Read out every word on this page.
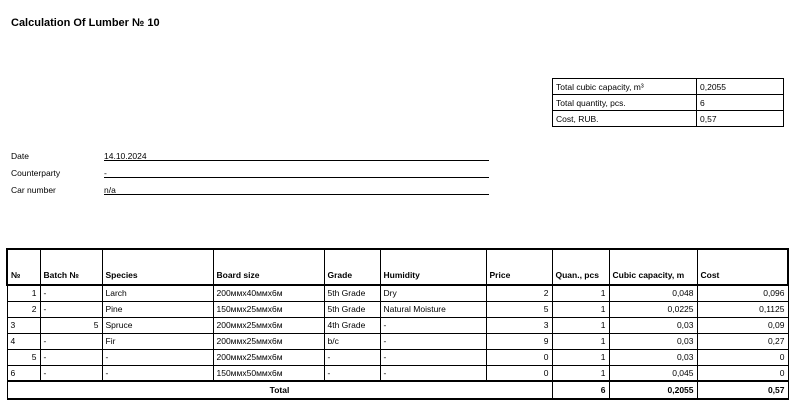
Calculation Of Lumber № 10
Total cubic capacity, m³	0,2055
Total quantity, pcs.	6
Cost, RUB.	0,57
Date	14.10.2024
Counterparty	-
Car number	n/a
№	Batch №	Species	Board size	Grade	Humidity	Price	Quan., pcs	Cubic capacity, m	Cost
1	-	Larch	200ммх40ммх6м	5th Grade	Dry	2	1	0,048	0,096
2	-	Pine	150ммх25ммх6м	5th Grade	Natural Moisture	5	1	0,0225	0,1125
3	5	Spruce	200ммх25ммх6м	4th Grade	-	3	1	0,03	0,09
4	-	Fir	200ммх25ммх6м	b/c	-	9	1	0,03	0,27
5	-	-	200ммх25ммх6м	-	-	0	1	0,03	0
6	-	-	150ммх50ммх6м	-	-	0	1	0,045	0
Total							6	0,2055	0,57
